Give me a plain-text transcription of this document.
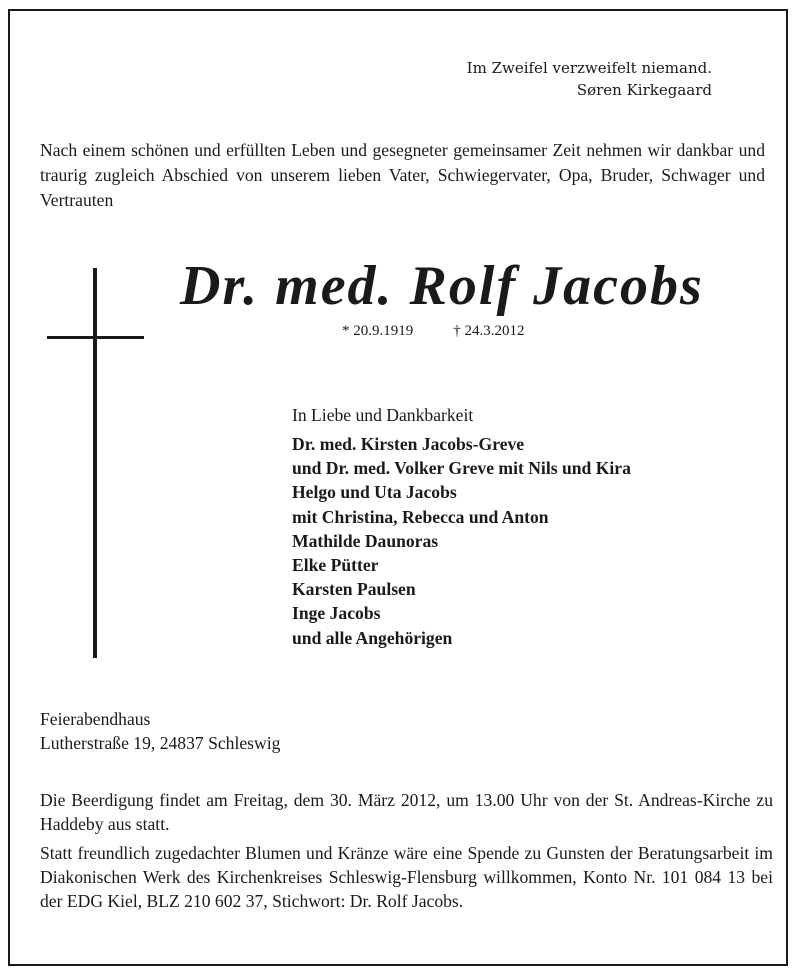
Im Zweifel verzweifelt niemand.
Søren Kirkegaard
Nach einem schönen und erfüllten Leben und gesegneter gemeinsamer Zeit nehmen wir dankbar und traurig zugleich Abschied von unserem lieben Vater, Schwiegervater, Opa, Bruder, Schwager und Vertrauten
Dr. med. Rolf Jacobs
* 20.9.1919	† 24.3.2012
In Liebe und Dankbarkeit
Dr. med. Kirsten Jacobs-Greve
und Dr. med. Volker Greve mit Nils und Kira
Helgo und Uta Jacobs
mit Christina, Rebecca und Anton
Mathilde Daunoras
Elke Pütter
Karsten Paulsen
Inge Jacobs
und alle Angehörigen
Feierabendhaus
Lutherstraße 19, 24837 Schleswig
Die Beerdigung findet am Freitag, dem 30. März 2012, um 13.00 Uhr von der St. Andreas-Kirche zu Haddeby aus statt.
Statt freundlich zugedachter Blumen und Kränze wäre eine Spende zu Gunsten der Beratungsarbeit im Diakonischen Werk des Kirchenkreises Schleswig-Flensburg willkommen, Konto Nr. 101 084 13 bei der EDG Kiel, BLZ 210 602 37, Stichwort: Dr. Rolf Jacobs.
